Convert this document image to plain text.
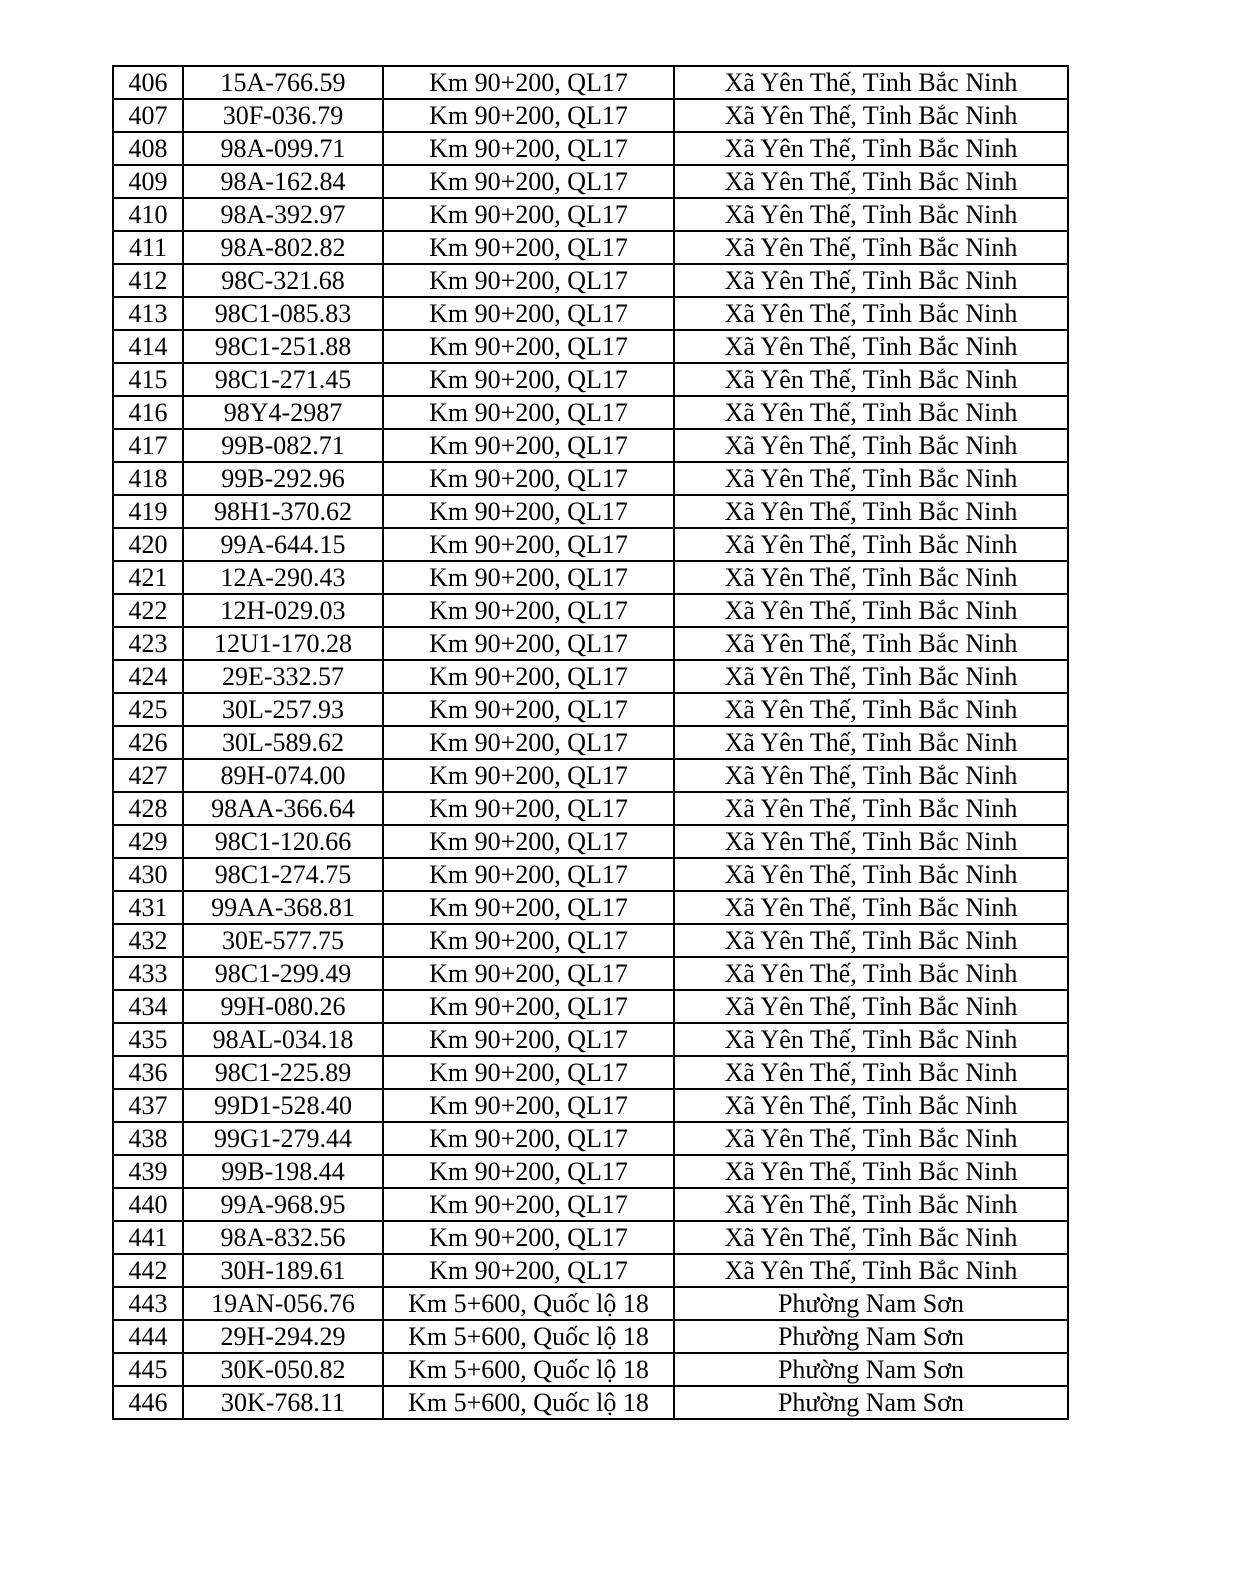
406	15A-766.59	Km 90+200, QL17	Xã Yên Thế, Tỉnh Bắc Ninh
407	30F-036.79	Km 90+200, QL17	Xã Yên Thế, Tỉnh Bắc Ninh
408	98A-099.71	Km 90+200, QL17	Xã Yên Thế, Tỉnh Bắc Ninh
409	98A-162.84	Km 90+200, QL17	Xã Yên Thế, Tỉnh Bắc Ninh
410	98A-392.97	Km 90+200, QL17	Xã Yên Thế, Tỉnh Bắc Ninh
411	98A-802.82	Km 90+200, QL17	Xã Yên Thế, Tỉnh Bắc Ninh
412	98C-321.68	Km 90+200, QL17	Xã Yên Thế, Tỉnh Bắc Ninh
413	98C1-085.83	Km 90+200, QL17	Xã Yên Thế, Tỉnh Bắc Ninh
414	98C1-251.88	Km 90+200, QL17	Xã Yên Thế, Tỉnh Bắc Ninh
415	98C1-271.45	Km 90+200, QL17	Xã Yên Thế, Tỉnh Bắc Ninh
416	98Y4-2987	Km 90+200, QL17	Xã Yên Thế, Tỉnh Bắc Ninh
417	99B-082.71	Km 90+200, QL17	Xã Yên Thế, Tỉnh Bắc Ninh
418	99B-292.96	Km 90+200, QL17	Xã Yên Thế, Tỉnh Bắc Ninh
419	98H1-370.62	Km 90+200, QL17	Xã Yên Thế, Tỉnh Bắc Ninh
420	99A-644.15	Km 90+200, QL17	Xã Yên Thế, Tỉnh Bắc Ninh
421	12A-290.43	Km 90+200, QL17	Xã Yên Thế, Tỉnh Bắc Ninh
422	12H-029.03	Km 90+200, QL17	Xã Yên Thế, Tỉnh Bắc Ninh
423	12U1-170.28	Km 90+200, QL17	Xã Yên Thế, Tỉnh Bắc Ninh
424	29E-332.57	Km 90+200, QL17	Xã Yên Thế, Tỉnh Bắc Ninh
425	30L-257.93	Km 90+200, QL17	Xã Yên Thế, Tỉnh Bắc Ninh
426	30L-589.62	Km 90+200, QL17	Xã Yên Thế, Tỉnh Bắc Ninh
427	89H-074.00	Km 90+200, QL17	Xã Yên Thế, Tỉnh Bắc Ninh
428	98AA-366.64	Km 90+200, QL17	Xã Yên Thế, Tỉnh Bắc Ninh
429	98C1-120.66	Km 90+200, QL17	Xã Yên Thế, Tỉnh Bắc Ninh
430	98C1-274.75	Km 90+200, QL17	Xã Yên Thế, Tỉnh Bắc Ninh
431	99AA-368.81	Km 90+200, QL17	Xã Yên Thế, Tỉnh Bắc Ninh
432	30E-577.75	Km 90+200, QL17	Xã Yên Thế, Tỉnh Bắc Ninh
433	98C1-299.49	Km 90+200, QL17	Xã Yên Thế, Tỉnh Bắc Ninh
434	99H-080.26	Km 90+200, QL17	Xã Yên Thế, Tỉnh Bắc Ninh
435	98AL-034.18	Km 90+200, QL17	Xã Yên Thế, Tỉnh Bắc Ninh
436	98C1-225.89	Km 90+200, QL17	Xã Yên Thế, Tỉnh Bắc Ninh
437	99D1-528.40	Km 90+200, QL17	Xã Yên Thế, Tỉnh Bắc Ninh
438	99G1-279.44	Km 90+200, QL17	Xã Yên Thế, Tỉnh Bắc Ninh
439	99B-198.44	Km 90+200, QL17	Xã Yên Thế, Tỉnh Bắc Ninh
440	99A-968.95	Km 90+200, QL17	Xã Yên Thế, Tỉnh Bắc Ninh
441	98A-832.56	Km 90+200, QL17	Xã Yên Thế, Tỉnh Bắc Ninh
442	30H-189.61	Km 90+200, QL17	Xã Yên Thế, Tỉnh Bắc Ninh
443	19AN-056.76	Km 5+600, Quốc lộ 18	Phường Nam Sơn
444	29H-294.29	Km 5+600, Quốc lộ 18	Phường Nam Sơn
445	30K-050.82	Km 5+600, Quốc lộ 18	Phường Nam Sơn
446	30K-768.11	Km 5+600, Quốc lộ 18	Phường Nam Sơn
